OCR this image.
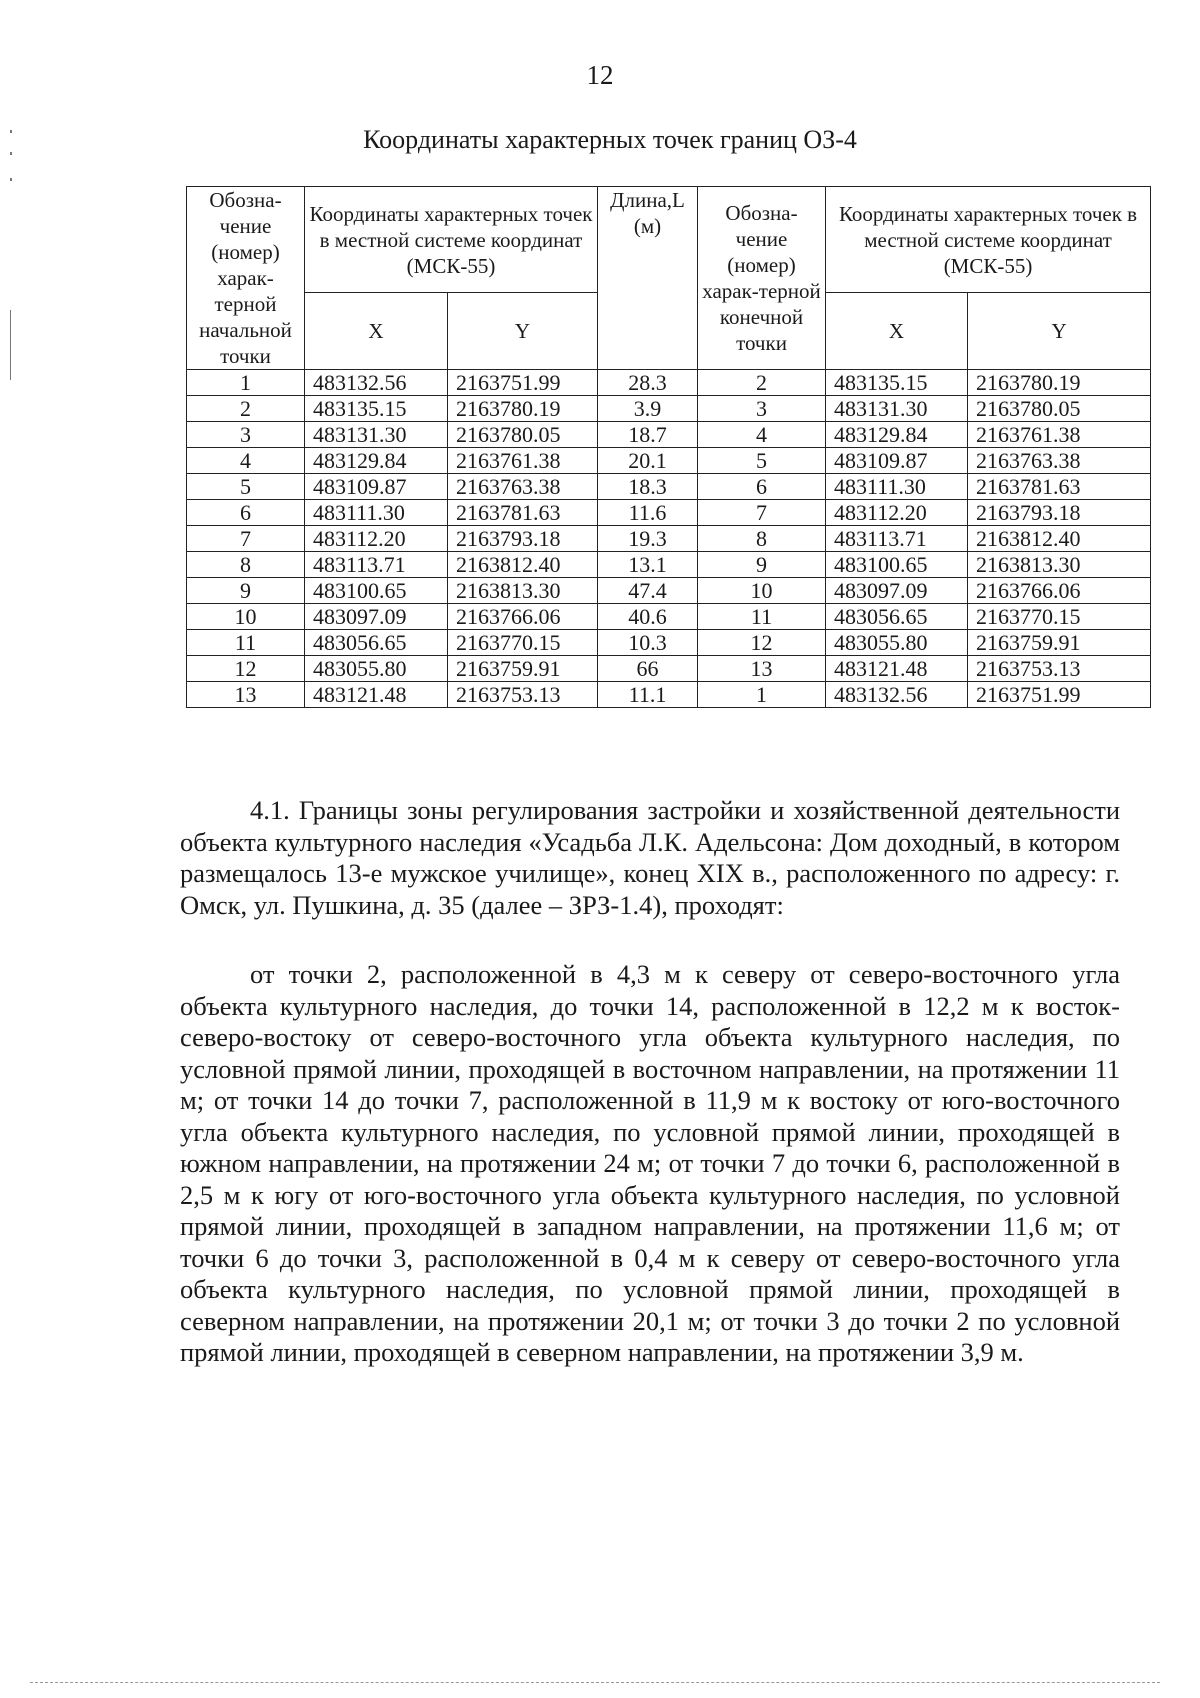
12
Координаты характерных точек границ ОЗ-4
Обозна-чение (номер) харак-терной начальной точки	Координаты характерных точек в местной системе координат (МСК-55)		Длина,L (м)	Обозна-чение (номер) харак-терной конечной точки	Координаты характерных точек в местной системе координат (МСК-55)	
	X	Y			X	Y
1	483132.56	2163751.99	28.3	2	483135.15	2163780.19
2	483135.15	2163780.19	3.9	3	483131.30	2163780.05
3	483131.30	2163780.05	18.7	4	483129.84	2163761.38
4	483129.84	2163761.38	20.1	5	483109.87	2163763.38
5	483109.87	2163763.38	18.3	6	483111.30	2163781.63
6	483111.30	2163781.63	11.6	7	483112.20	2163793.18
7	483112.20	2163793.18	19.3	8	483113.71	2163812.40
8	483113.71	2163812.40	13.1	9	483100.65	2163813.30
9	483100.65	2163813.30	47.4	10	483097.09	2163766.06
10	483097.09	2163766.06	40.6	11	483056.65	2163770.15
11	483056.65	2163770.15	10.3	12	483055.80	2163759.91
12	483055.80	2163759.91	66	13	483121.48	2163753.13
13	483121.48	2163753.13	11.1	1	483132.56	2163751.99

4.1. Границы зоны регулирования застройки и хозяйственной деятельности объекта культурного наследия «Усадьба Л.К. Адельсона: Дом доходный, в котором размещалось 13-е мужское училище», конец XIX в., расположенного по адресу: г. Омск, ул. Пушкина, д. 35 (далее – ЗРЗ-1.4), проходят:

от точки 2, расположенной в 4,3 м к северу от северо-восточного угла объекта культурного наследия, до точки 14, расположенной в 12,2 м к восток-северо-востоку от северо-восточного угла объекта культурного наследия, по условной прямой линии, проходящей в восточном направлении, на протяжении 11 м; от точки 14 до точки 7, расположенной в 11,9 м к востоку от юго-восточного угла объекта культурного наследия, по условной прямой линии, проходящей в южном направлении, на протяжении 24 м; от точки 7 до точки 6, расположенной в 2,5 м к югу от юго-восточного угла объекта культурного наследия, по условной прямой линии, проходящей в западном направлении, на протяжении 11,6 м; от точки 6 до точки 3, расположенной в 0,4 м к северу от северо-восточного угла объекта культурного наследия, по условной прямой линии, проходящей в северном направлении, на протяжении 20,1 м; от точки 3 до точки 2 по условной прямой линии, проходящей в северном направлении, на протяжении 3,9 м.
